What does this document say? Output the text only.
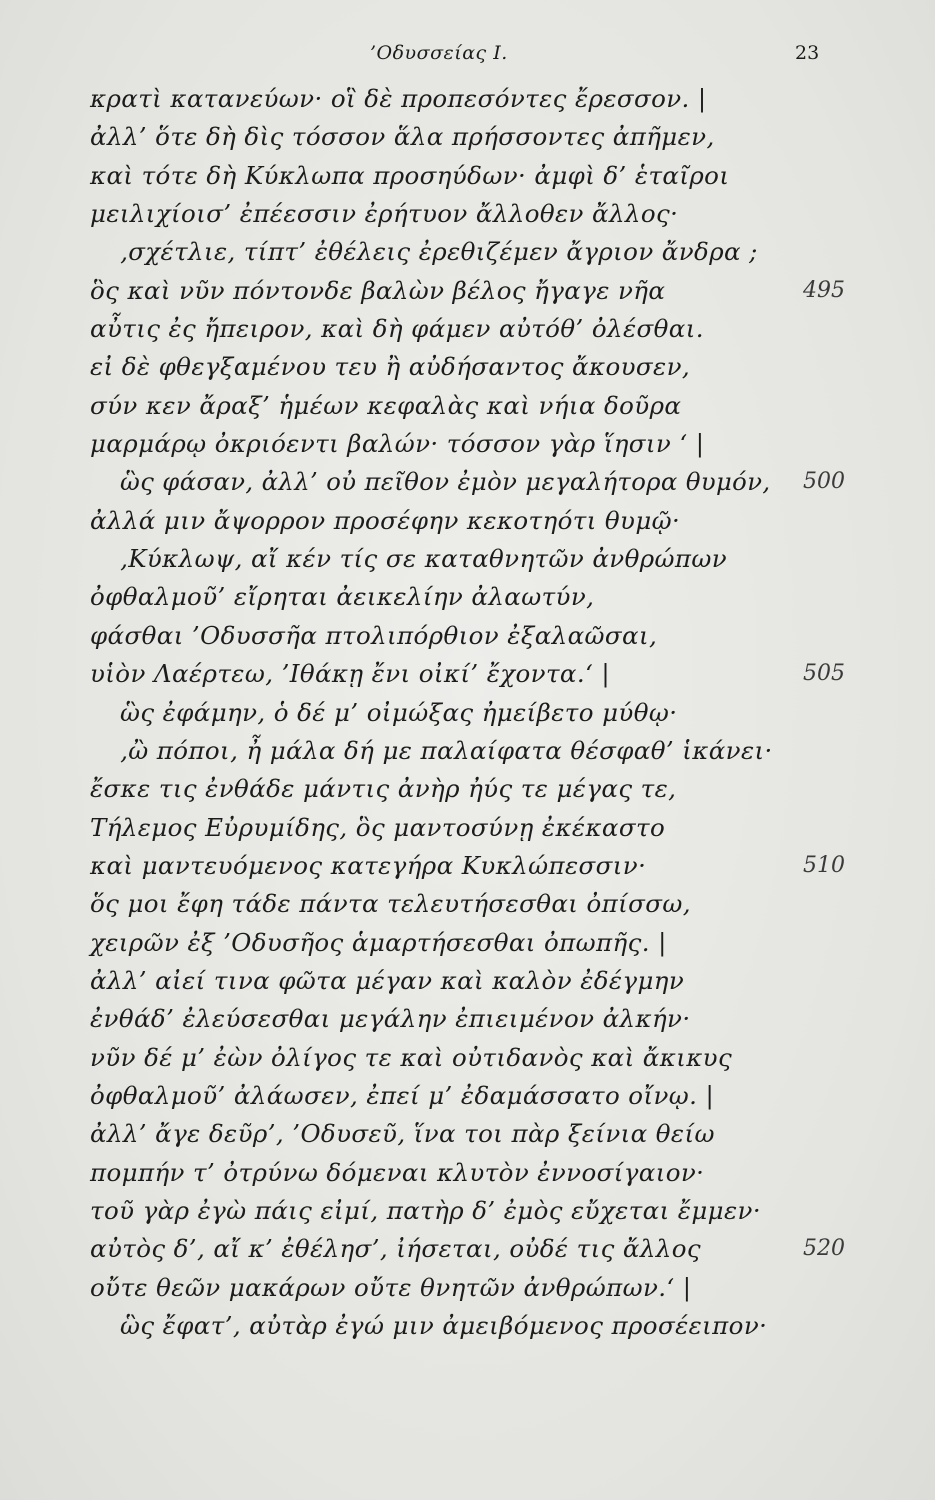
’Οδυσσείας Ι.	23
κρατὶ κατανεύων· οἳ δὲ προπεσόντες ἔρεσσον. |
ἀλλ’ ὅτε δὴ δὶς τόσσον ἅλα πρήσσοντες ἀπῆμεν,
καὶ τότε δὴ Κύκλωπα προσηύδων· ἀμφὶ δ’ ἑταῖροι
μειλιχίοισ’ ἐπέεσσιν ἐρήτυον ἄλλοθεν ἄλλος·
‚σχέτλιε, τίπτ’ ἐθέλεις ἐρεθιζέμεν ἄγριον ἄνδρα ;
ὃς καὶ νῦν πόντονδε βαλὼν βέλος ἤγαγε νῆα	495
αὖτις ἐς ἤπειρον, καὶ δὴ φάμεν αὐτόθ’ ὀλέσθαι.
εἰ δὲ φθεγξαμένου τευ ἢ αὐδήσαντος ἄκουσεν,
σύν κεν ἄραξ’ ἡμέων κεφαλὰς καὶ νήια δοῦρα
μαρμάρῳ ὀκριόεντι βαλών· τόσσον γὰρ ἵησιν ‘ |
ὣς φάσαν, ἀλλ’ οὐ πεῖθον ἐμὸν μεγαλήτορα θυμόν,	500
ἀλλά μιν ἄψορρον προσέφην κεκοτηότι θυμῷ·
‚Κύκλωψ, αἴ κέν τίς σε καταθνητῶν ἀνθρώπων
ὀφθαλμοῦ’ εἴρηται ἀεικελίην ἀλαωτύν,
φάσθαι ’Οδυσσῆα πτολιπόρθιον ἐξαλαῶσαι,
υἱὸν Λαέρτεω, ’Ιθάκῃ ἔνι οἰκί’ ἔχοντα.‘ |	505
ὣς ἐφάμην, ὁ δέ μ’ οἰμώξας ἠμείβετο μύθῳ·
‚ὢ πόποι, ἦ μάλα δή με παλαίφατα θέσφαθ’ ἱκάνει·
ἔσκε τις ἐνθάδε μάντις ἀνὴρ ἠύς τε μέγας τε,
Τήλεμος Εὐρυμίδης, ὃς μαντοσύνῃ ἐκέκαστο
καὶ μαντευόμενος κατεγήρα Κυκλώπεσσιν·	510
ὅς μοι ἔφη τάδε πάντα τελευτήσεσθαι ὀπίσσω,
χειρῶν ἐξ ’Οδυσῆος ἁμαρτήσεσθαι ὀπωπῆς. |
ἀλλ’ αἰεί τινα φῶτα μέγαν καὶ καλὸν ἐδέγμην
ἐνθάδ’ ἐλεύσεσθαι μεγάλην ἐπιειμένον ἀλκήν·
νῦν δέ μ’ ἐὼν ὀλίγος τε καὶ οὐτιδανὸς καὶ ἄκικυς
ὀφθαλμοῦ’ ἀλάωσεν, ἐπεί μ’ ἐδαμάσσατο οἴνῳ. |
ἀλλ’ ἄγε δεῦρ’, ’Οδυσεῦ, ἵνα τοι πὰρ ξείνια θείω
πομπήν τ’ ὀτρύνω δόμεναι κλυτὸν ἐννοσίγαιον·
τοῦ γὰρ ἐγὼ πάις εἰμί, πατὴρ δ’ ἐμὸς εὔχεται ἔμμεν·
αὐτὸς δ’, αἴ κ’ ἐθέλησ’, ἰήσεται, οὐδέ τις ἄλλος	520
οὔτε θεῶν μακάρων οὔτε θνητῶν ἀνθρώπων.‘ |
ὣς ἔφατ’, αὐτὰρ ἐγώ μιν ἀμειβόμενος προσέειπον·
